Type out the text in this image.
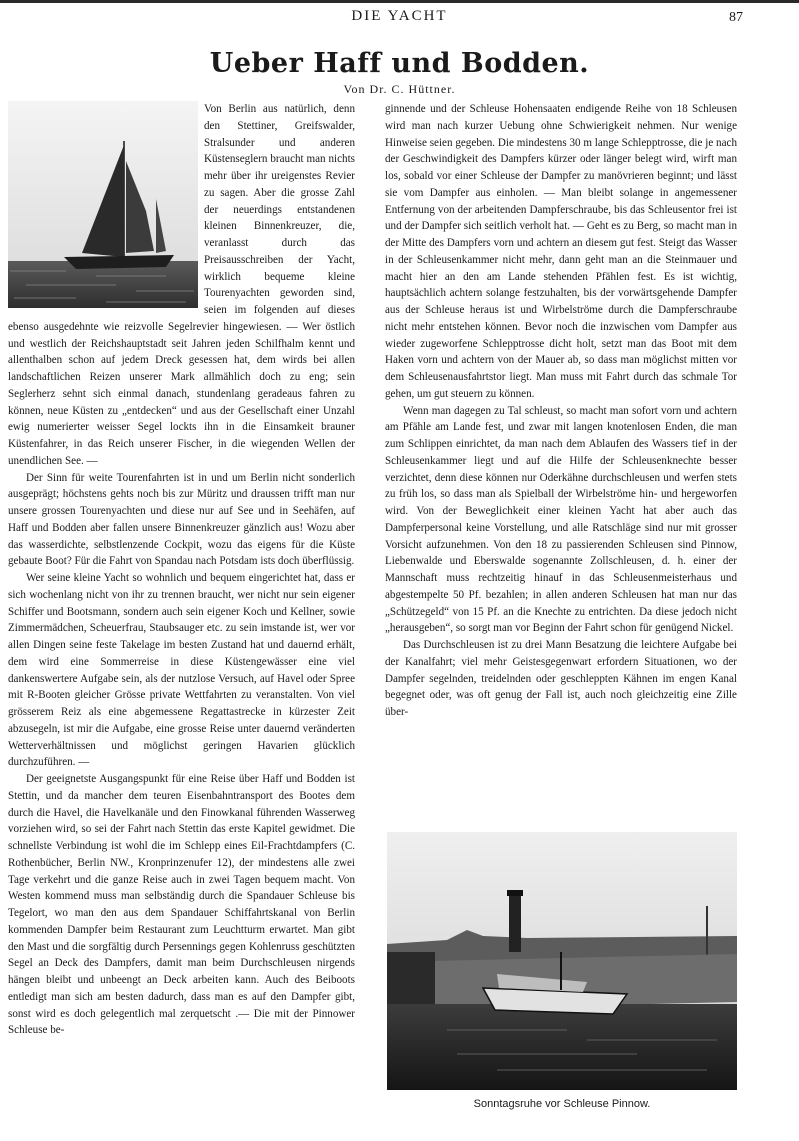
DIE YACHT	87
Ueber Haff und Bodden.
Von Dr. C. Hüttner.

Von Berlin aus natürlich, denn den Stettiner, Greifswalder, Stralsunder und anderen Küstenseglern braucht man nichts mehr über ihr ureigenstes Revier zu sagen. Aber die grosse Zahl der neuerdings entstandenen kleinen Binnenkreuzer, die, veranlasst durch das Preisausschreiben der Yacht, wirklich bequeme kleine Tourenyachten geworden sind, seien im folgenden auf dieses ebenso ausgedehnte wie reizvolle Segelrevier hingewiesen. — Wer östlich und westlich der Reichshauptstadt seit Jahren jeden Schilfhalm kennt und allenthalben schon auf jedem Dreck gesessen hat, dem wirds bei allen landschaftlichen Reizen unserer Mark allmählich doch zu eng; sein Seglerherz sehnt sich einmal danach, stundenlang geradeaus fahren zu können, neue Küsten zu „entdecken“ und aus der Gesellschaft einer Unzahl ewig numerierter weisser Segel lockts ihn in die Einsamkeit brauner Küstenfahrer, in das Reich unserer Fischer, in die wiegenden Wellen der unendlichen See. —

Der Sinn für weite Tourenfahrten ist in und um Berlin nicht sonderlich ausgeprägt; höchstens gehts noch bis zur Müritz und draussen trifft man nur unsere grossen Tourenyachten und diese nur auf See und in Seehäfen, auf Haff und Bodden aber fallen unsere Binnenkreuzer gänzlich aus! Wozu aber das wasserdichte, selbstlenzende Cockpit, wozu das eigens für die Küste gebaute Boot? Für die Fahrt von Spandau nach Potsdam ists doch überflüssig.

Wer seine kleine Yacht so wohnlich und bequem eingerichtet hat, dass er sich wochenlang nicht von ihr zu trennen braucht, wer nicht nur sein eigener Schiffer und Bootsmann, sondern auch sein eigener Koch und Kellner, sowie Zimmermädchen, Scheuerfrau, Staubsauger etc. zu sein imstande ist, wer vor allen Dingen seine feste Takelage im besten Zustand hat und dauernd erhält, dem wird eine Sommerreise in diese Küstengewässer eine viel dankenswertere Aufgabe sein, als der nutzlose Versuch, auf Havel oder Spree mit R-Booten gleicher Grösse private Wettfahrten zu veranstalten. Von viel grösserem Reiz als eine abgemessene Regattastrecke in kürzester Zeit abzusegeln, ist mir die Aufgabe, eine grosse Reise unter dauernd veränderten Wetterverhältnissen und möglichst geringen Havarien glücklich durchzuführen. —

Der geeignetste Ausgangspunkt für eine Reise über Haff und Bodden ist Stettin, und da mancher dem teuren Eisenbahntransport des Bootes dem durch die Havel, die Havelkanäle und den Finowkanal führenden Wasserweg vorziehen wird, so sei der Fahrt nach Stettin das erste Kapitel gewidmet. Die schnellste Verbindung ist wohl die im Schlepp eines Eil-Frachtdampfers (C. Rothenbücher, Berlin NW., Kronprinzenufer 12), der mindestens alle zwei Tage verkehrt und die ganze Reise auch in zwei Tagen bequem macht. Von Westen kommend muss man selbständig durch die Spandauer Schleuse bis Tegelort, wo man den aus dem Spandauer Schiffahrtskanal von Berlin kommenden Dampfer beim Restaurant zum Leuchtturm erwartet. Man gibt den Mast und die sorgfältig durch Persennings gegen Kohlenruss geschützten Segel an Deck des Dampfers, damit man beim Durchschleusen nirgends hängen bleibt und unbeengt an Deck arbeiten kann. Auch des Beiboots entledigt man sich am besten dadurch, dass man es auf den Dampfer gibt, sonst wird es doch gelegentlich mal zerquetscht .— Die mit der Pinnower Schleuse be-

ginnende und der Schleuse Hohensaaten endigende Reihe von 18 Schleusen wird man nach kurzer Uebung ohne Schwierigkeit nehmen. Nur wenige Hinweise seien gegeben. Die mindestens 30 m lange Schlepptrosse, die je nach der Geschwindigkeit des Dampfers kürzer oder länger belegt wird, wirft man los, sobald vor einer Schleuse der Dampfer zu manövrieren beginnt; und lässt sie vom Dampfer aus einholen. — Man bleibt solange in angemessener Entfernung von der arbeitenden Dampferschraube, bis das Schleusentor frei ist und der Dampfer sich seitlich verholt hat. — Geht es zu Berg, so macht man in der Mitte des Dampfers vorn und achtern an diesem gut fest. Steigt das Wasser in der Schleusenkammer nicht mehr, dann geht man an die Steinmauer und macht hier an den am Lande stehenden Pfählen fest. Es ist wichtig, hauptsächlich achtern solange festzuhalten, bis der vorwärtsgehende Dampfer aus der Schleuse heraus ist und Wirbelströme durch die Dampferschraube nicht mehr entstehen können. Bevor noch die inzwischen vom Dampfer aus wieder zugeworfene Schlepptrosse dicht holt, setzt man das Boot mit dem Haken vorn und achtern von der Mauer ab, so dass man möglichst mitten vor dem Schleusenausfahrtstor liegt. Man muss mit Fahrt durch das schmale Tor gehen, um gut steuern zu können.

Wenn man dagegen zu Tal schleust, so macht man sofort vorn und achtern am Pfähle am Lande fest, und zwar mit langen knotenlosen Enden, die man zum Schlippen einrichtet, da man nach dem Ablaufen des Wassers tief in der Schleusenkammer liegt und auf die Hilfe der Schleusenknechte besser verzichtet, denn diese können nur Oderkähne durchschleusen und werfen stets zu früh los, so dass man als Spielball der Wirbelströme hin- und hergeworfen wird. Von der Beweglichkeit einer kleinen Yacht hat aber auch das Dampferpersonal keine Vorstellung, und alle Ratschläge sind nur mit grosser Vorsicht aufzunehmen. Von den 18 zu passierenden Schleusen sind Pinnow, Liebenwalde und Eberswalde sogenannte Zollschleusen, d. h. einer der Mannschaft muss rechtzeitig hinauf in das Schleusenmeisterhaus und abgestempelte 50 Pf. bezahlen; in allen anderen Schleusen hat man nur das „Schützegeld“ von 15 Pf. an die Knechte zu entrichten. Da diese jedoch nicht „herausgeben“, so sorgt man vor Beginn der Fahrt schon für genügend Nickel.

Das Durchschleusen ist zu drei Mann Besatzung die leichtere Aufgabe bei der Kanalfahrt; viel mehr Geistesgegenwart erfordern Situationen, wo der Dampfer segelnden, treidelnden oder geschleppten Kähnen im engen Kanal begegnet oder, was oft genug der Fall ist, auch noch gleichzeitig eine Zille über-

Sonntagsruhe vor Schleuse Pinnow.
